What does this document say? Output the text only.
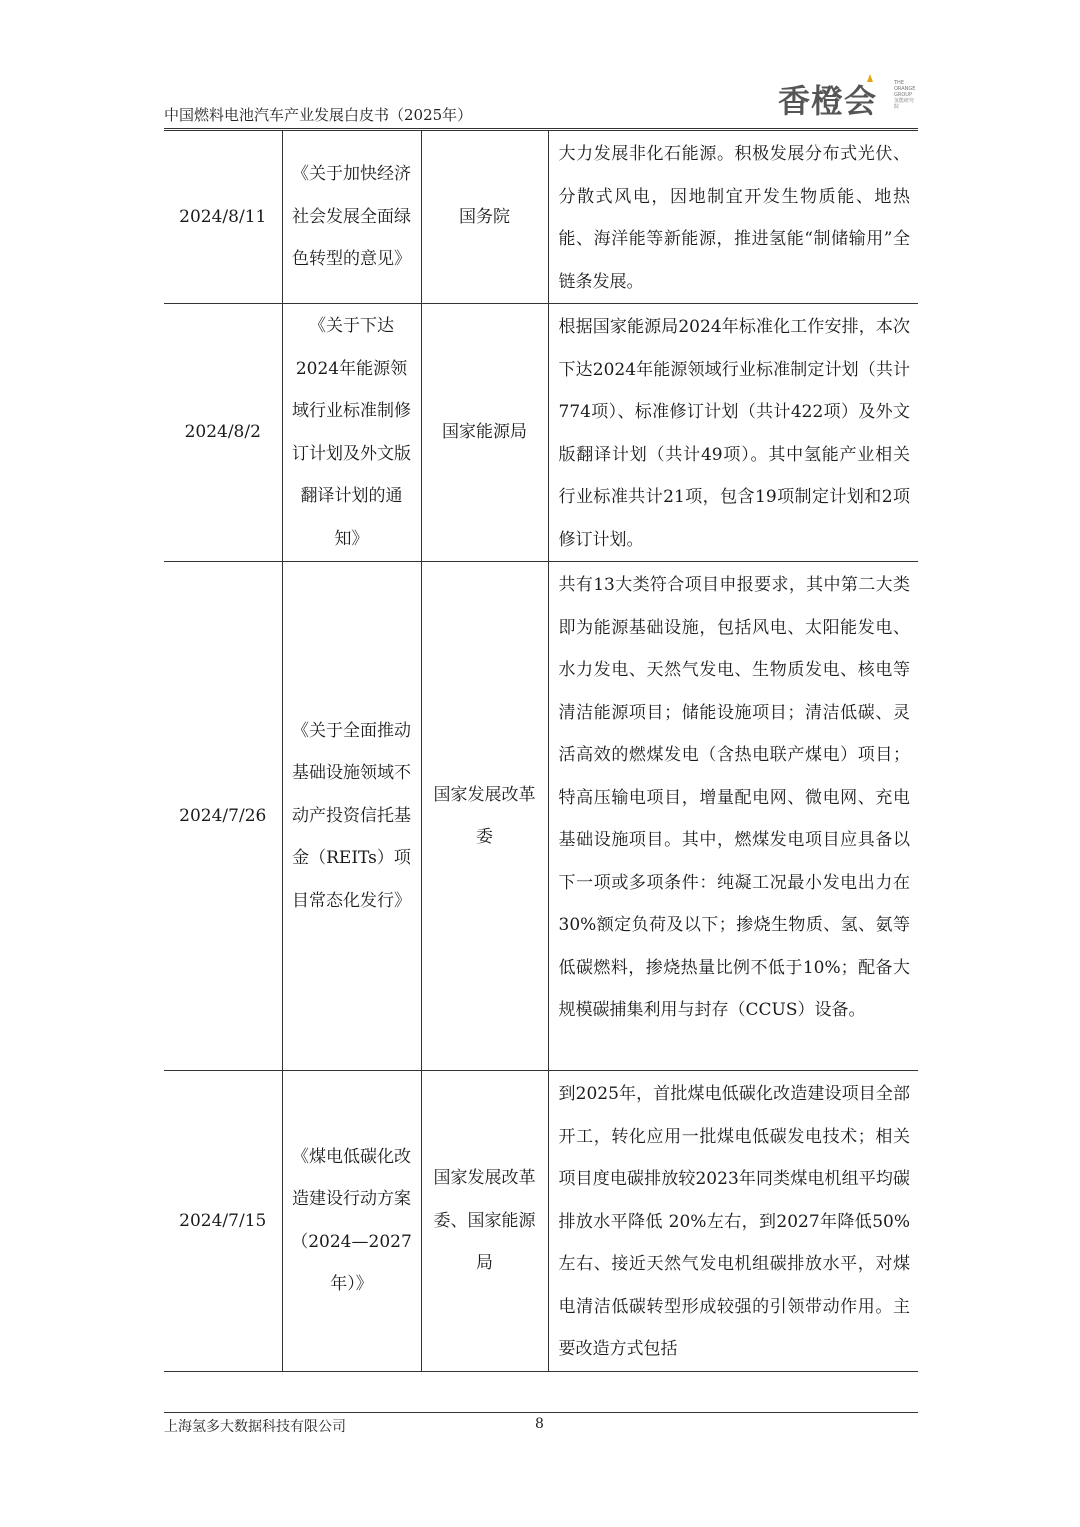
中国燃料电池汽车产业发展白皮书（2025年）	香橙会	THE ORANGE GROUP 氢能研究院
2024/8/11	《关于加快经济社会发展全面绿色转型的意见》	国务院	大力发展非化石能源。积极发展分布式光伏、分散式风电，因地制宜开发生物质能、地热能、海洋能等新能源，推进氢能“制储输用”全链条发展。
2024/8/2	《关于下达2024年能源领域行业标准制修订计划及外文版翻译计划的通知》	国家能源局	根据国家能源局2024年标准化工作安排，本次下达2024年能源领域行业标准制定计划（共计774项）、标准修订计划（共计422项）及外文版翻译计划（共计49项）。其中氢能产业相关行业标准共计21项，包含19项制定计划和2项修订计划。
2024/7/26	《关于全面推动基础设施领域不动产投资信托基金（REITs）项目常态化发行》	国家发展改革委	共有13大类符合项目申报要求，其中第二大类即为能源基础设施，包括风电、太阳能发电、水力发电、天然气发电、生物质发电、核电等清洁能源项目；储能设施项目；清洁低碳、灵活高效的燃煤发电（含热电联产煤电）项目；特高压输电项目，增量配电网、微电网、充电基础设施项目。其中，燃煤发电项目应具备以下一项或多项条件：纯凝工况最小发电出力在30%额定负荷及以下；掺烧生物质、氢、氨等低碳燃料，掺烧热量比例不低于10%；配备大规模碳捕集利用与封存（CCUS）设备。
2024/7/15	《煤电低碳化改造建设行动方案（2024—2027年）》	国家发展改革委、国家能源局	到2025年，首批煤电低碳化改造建设项目全部开工，转化应用一批煤电低碳发电技术；相关项目度电碳排放较2023年同类煤电机组平均碳排放水平降低 20%左右，到2027年降低50%左右、接近天然气发电机组碳排放水平，对煤电清洁低碳转型形成较强的引领带动作用。主要改造方式包括
上海氢多大数据科技有限公司	8
